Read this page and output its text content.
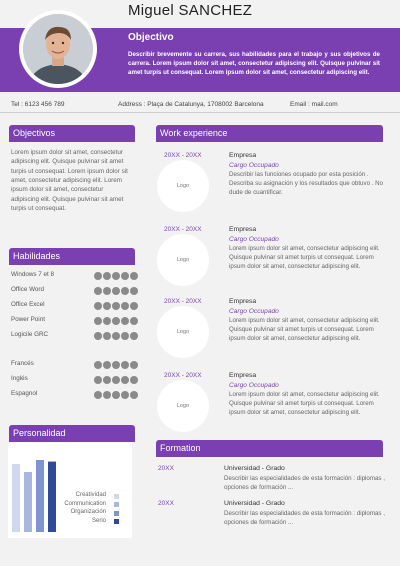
Miguel SANCHEZ
Objectivo
Describir brevemente su carrera, sus habilidades para el trabajo y sus objetivos de carrera. Lorem ipsum dolor sit amet, consectetur adipiscing elit. Quisque pulvinar sit amet turpis ut consequat. Lorem ipsum dolor sit amet, consectetur adipiscing elit.
Tel : 6123 456 789	Address : Plaça de Catalunya, 1708002 Barcelona	Email : mail.com
Objectivos
Lorem ipsum dolor sit amet, consectetur adipiscing elit. Quisque pulvinar sit amet turpis ut consequat. Lorem ipsum dolor sit amet, consectetur adipiscing elit. Lorem ipsum dolor sit amet, consectetur adipiscing elit. Quisque pulvinar sit amet turpis ut consequat.
Habilidades
Windows 7 et 8
Office Word
Office Excel
Power Point
Logicile GRC
Francés
Inglés
Espagnol
Personalidad
Creatividad
Communication
Organización
Serio
Work experience
20XX - 20XX	Empresa
Cargo Occupado
Describir las funciones ocupado por esta posición . Describa su asignación y los resultados que obtuvo . No dude de cuantificar.
Logo
20XX - 20XX	Empresa
Cargo Occupado
Lorem ipsum dolor sit amet, consectetur adipiscing elit. Quisque pulvinar sit amet turpis ut consequat. Lorem ipsum dolor sit amet, consectetur adipiscing elit.
Logo
20XX - 20XX	Empresa
Cargo Occupado
Lorem ipsum dolor sit amet, consectetur adipiscing elit. Quisque pulvinar sit amet turpis ut consequat. Lorem ipsum dolor sit amet, consectetur adipiscing elit.
Logo
20XX - 20XX	Empresa
Cargo Occupado
Lorem ipsum dolor sit amet, consectetur adipiscing elit. Quisque pulvinar sit amet turpis ut consequat. Lorem ipsum dolor sit amet, consectetur adipiscing elit.
Logo
Formation
20XX	Universidad - Grado
Describir las especialidades de esta formación : diplomas , opciones de formación ...
20XX	Universidad - Grado
Describir las especialidades de esta formación : diplomas , opciones de formación ...
